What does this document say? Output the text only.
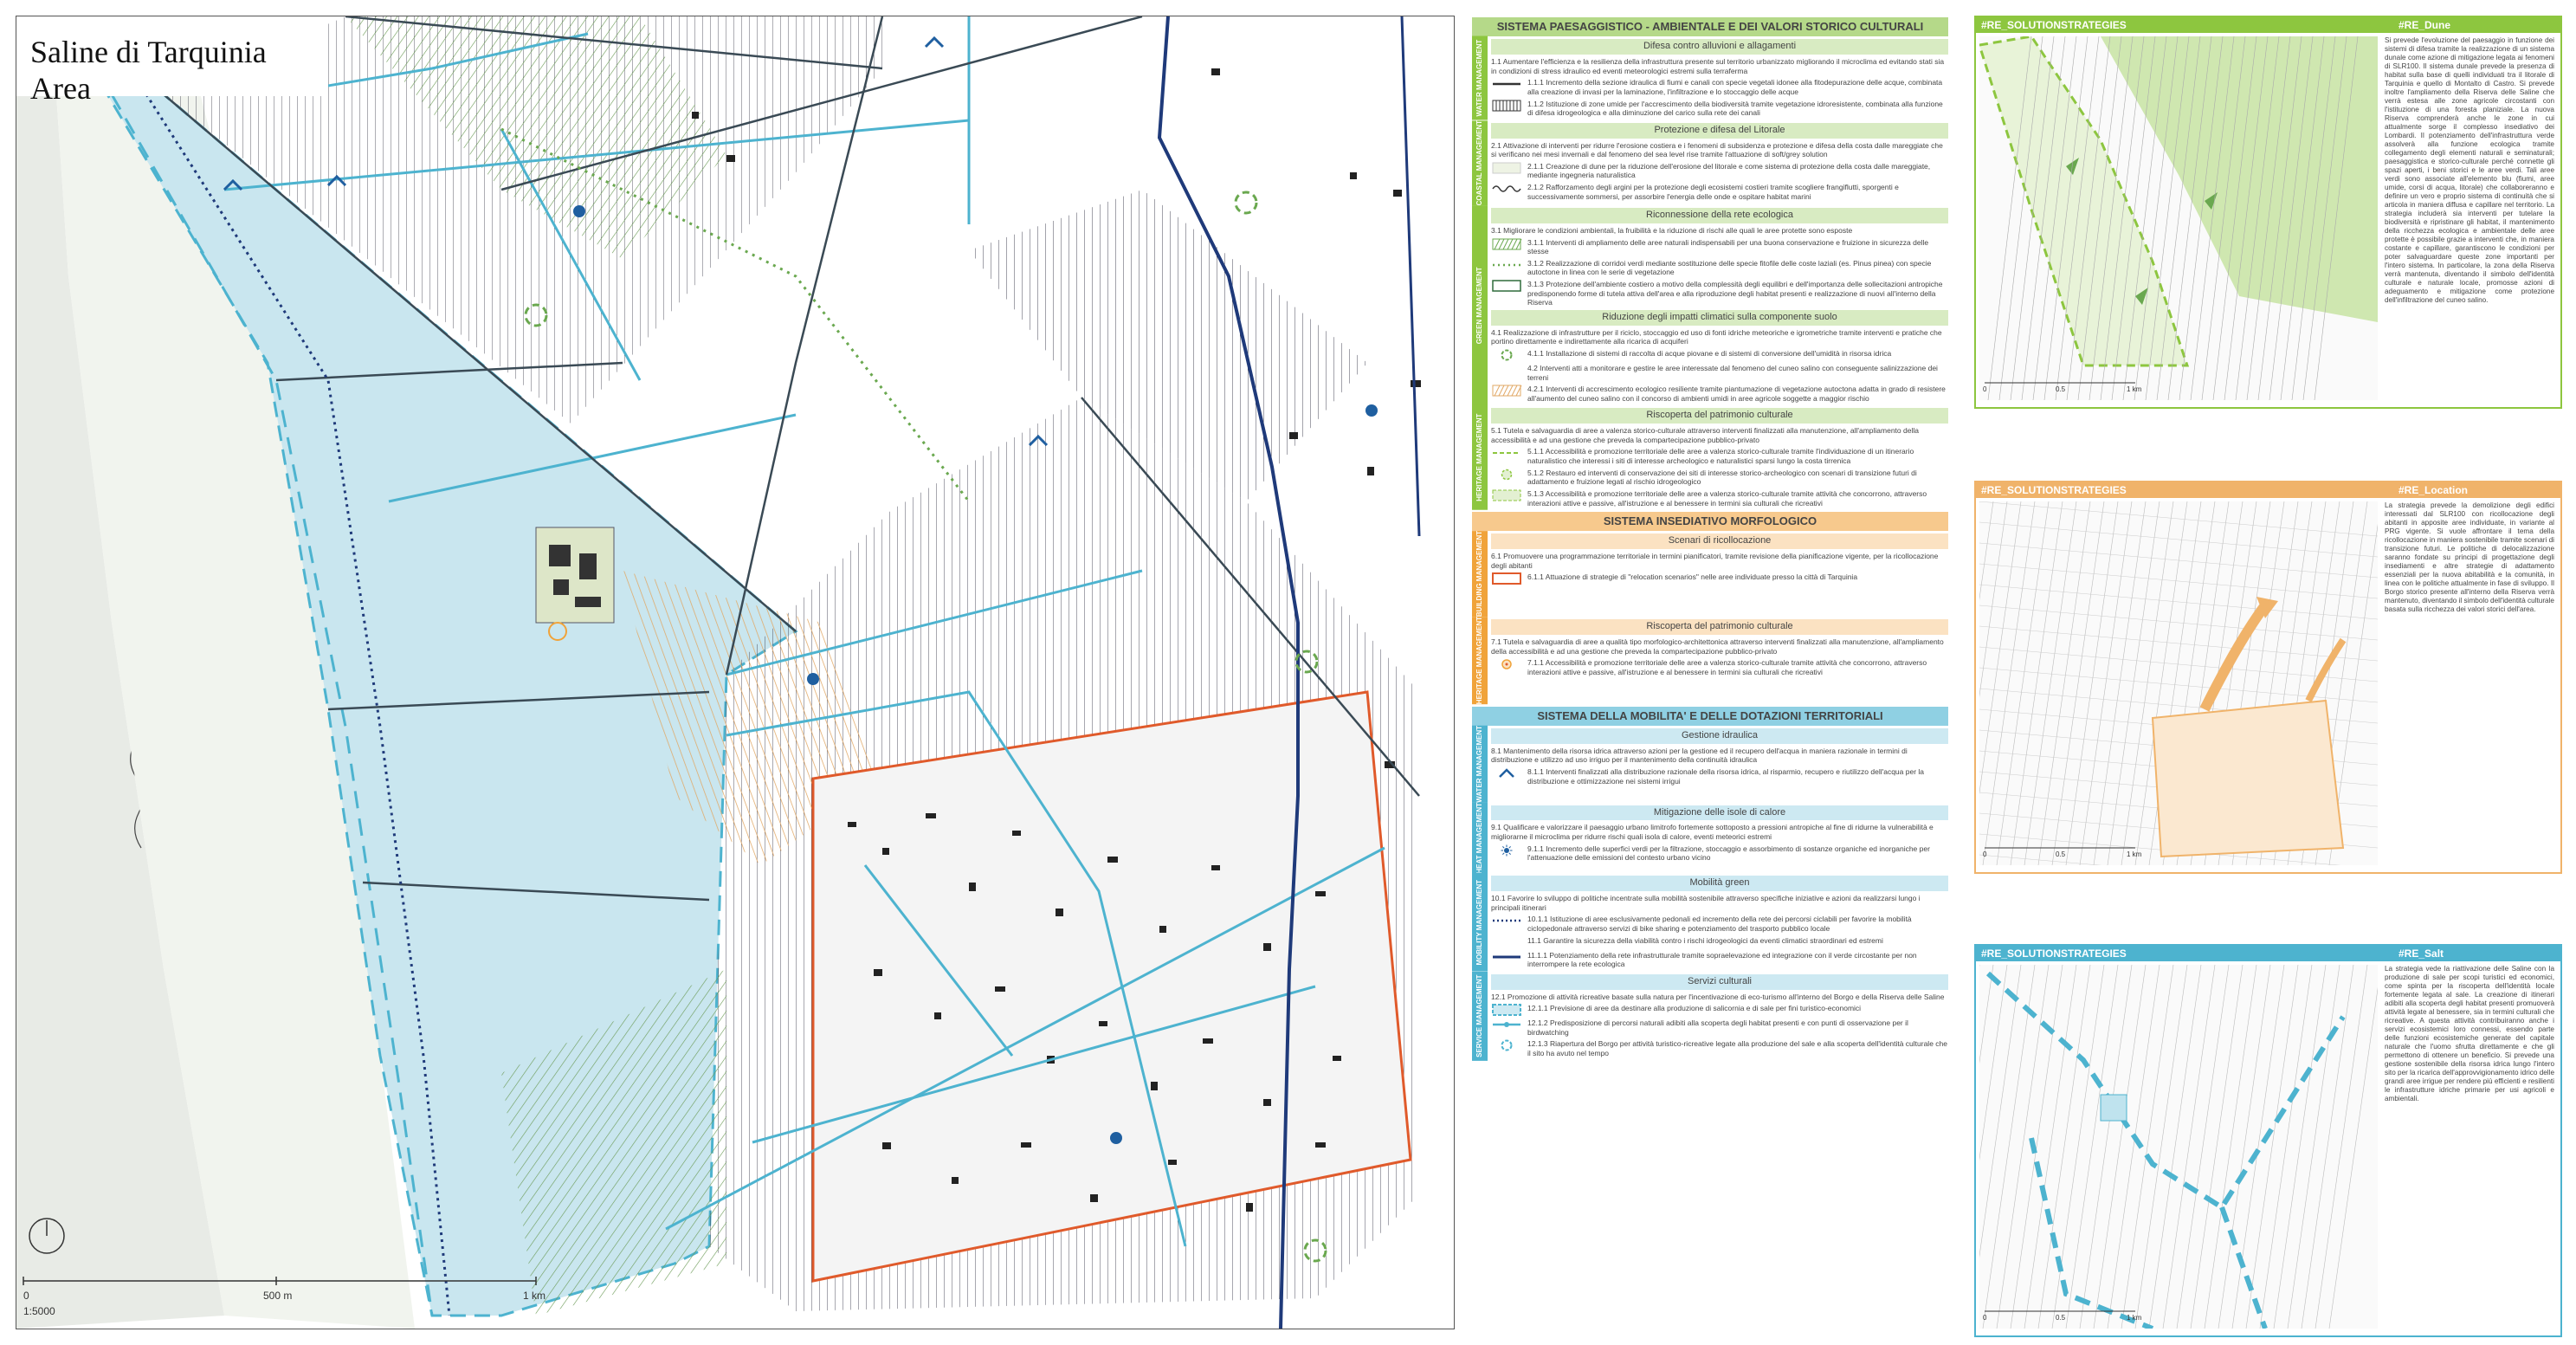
Saline di Tarquinia Area
0	500 m	1 km
1:5000
SISTEMA PAESAGGISTICO - AMBIENTALE E DEI VALORI STORICO CULTURALI
WATER MANAGEMENT	Difesa contro alluvioni e allagamenti

1.1 Aumentare l'efficienza e la resilienza della infrastruttura presente sul territorio urbanizzato migliorando il microclima ed evitando stati sia in condizioni di stress idraulico ed eventi meteorologici estremi sulla terraferma

1.1.1 Incremento della sezione idraulica di fiumi e canali con specie vegetali idonee alla fitodepurazione delle acque, combinata alla creazione di invasi per la laminazione, l'infiltrazione e lo stoccaggio delle acque

1.1.2 Istituzione di zone umide per l'accrescimento della biodiversità tramite vegetazione idroresistente, combinata alla funzione di difesa idrogeologica e alla diminuzione del carico sulla rete dei canali

COASTAL MANAGEMENT	Protezione e difesa del Litorale

2.1 Attivazione di interventi per ridurre l'erosione costiera e i fenomeni di subsidenza e protezione e difesa della costa dalle mareggiate che si verificano nei mesi invernali e dal fenomeno del sea level rise tramite l'attuazione di soft/grey solution

2.1.1 Creazione di dune per la riduzione dell'erosione del litorale e come sistema di protezione della costa dalle mareggiate, mediante ingegneria naturalistica

2.1.2 Rafforzamento degli argini per la protezione degli ecosistemi costieri tramite scogliere frangiflutti, sporgenti e successivamente sommersi, per assorbire l'energia delle onde e ospitare habitat marini

GREEN MANAGEMENT
Riconnessione della rete ecologica

3.1 Migliorare le condizioni ambientali, la fruibilità e la riduzione di rischi alle quali le aree protette sono esposte

3.1.1 Interventi di ampliamento delle aree naturali indispensabili per una buona conservazione e fruizione in sicurezza delle stesse

3.1.2 Realizzazione di corridoi verdi mediante sostituzione delle specie fitofile delle coste laziali (es. Pinus pinea) con specie autoctone in linea con le serie di vegetazione

3.1.3 Protezione dell'ambiente costiero a motivo della complessità degli equilibri e dell'importanza delle sollecitazioni antropiche predisponendo forme di tutela attiva dell'area e alla riproduzione degli habitat presenti e realizzazione di nuovi all'interno della Riserva

Riduzione degli impatti climatici sulla componente suolo

4.1 Realizzazione di infrastrutture per il riciclo, stoccaggio ed uso di fonti idriche meteoriche e igrometriche tramite interventi e pratiche che portino direttamente e indirettamente alla ricarica di acquiferi

4.1.1 Installazione di sistemi di raccolta di acque piovane e di sistemi di conversione dell'umidità in risorsa idrica

4.2 Interventi atti a monitorare e gestire le aree interessate dal fenomeno del cuneo salino con conseguente salinizzazione dei terreni

4.2.1 Interventi di accrescimento ecologico resiliente tramite piantumazione di vegetazione autoctona adatta in grado di resistere all'aumento del cuneo salino con il concorso di ambienti umidi in aree agricole soggette a maggior rischio

HERITAGE MANAGEMENT	Riscoperta del patrimonio culturale

5.1 Tutela e salvaguardia di aree a valenza storico-culturale attraverso interventi finalizzati alla manutenzione, all'ampliamento della accessibilità e ad una gestione che preveda la compartecipazione pubblico-privato

5.1.1 Accessibilità e promozione territoriale delle aree a valenza storico-culturale tramite l'individuazione di un itinerario naturalistico che interessi i siti di interesse archeologico e naturalistici sparsi lungo la costa tirrenica

5.1.2 Restauro ed interventi di conservazione dei siti di interesse storico-archeologico con scenari di transizione futuri di adattamento e fruizione legati al rischio idrogeologico

5.1.3 Accessibilità e promozione territoriale delle aree a valenza storico-culturale tramite attività che concorrono, attraverso interazioni attive e passive, all'istruzione e al benessere in termini sia culturali che ricreativi

SISTEMA INSEDIATIVO MORFOLOGICO
BUILDING MANAGEMENT	Scenari di ricollocazione

6.1 Promuovere una programmazione territoriale in termini pianificatori, tramite revisione della pianificazione vigente, per la ricollocazione degli abitanti

6.1.1 Attuazione di strategie di "relocation scenarios" nelle aree individuate presso la città di Tarquinia

HERITAGE MANAGEMENT	Riscoperta del patrimonio culturale

7.1 Tutela e salvaguardia di aree a qualità tipo morfologico-architettonica attraverso interventi finalizzati alla manutenzione, all'ampliamento della accessibilità e ad una gestione che preveda la compartecipazione pubblico-privato

7.1.1 Accessibilità e promozione territoriale delle aree a valenza storico-culturale tramite attività che concorrono, attraverso interazioni attive e passive, all'istruzione e al benessere in termini sia culturali che ricreativi

SISTEMA DELLA MOBILITA' E DELLE DOTAZIONI TERRITORIALI
WATER MANAGEMENT	Gestione idraulica

8.1 Mantenimento della risorsa idrica attraverso azioni per la gestione ed il recupero dell'acqua in maniera razionale in termini di distribuzione e utilizzo ad uso irriguo per il mantenimento della continuità idraulica

8.1.1 Interventi finalizzati alla distribuzione razionale della risorsa idrica, al risparmio, recupero e riutilizzo dell'acqua per la distribuzione e ottimizzazione nei sistemi irrigui

HEAT MANAGEMENT	Mitigazione delle isole di calore

9.1 Qualificare e valorizzare il paesaggio urbano limitrofo fortemente sottoposto a pressioni antropiche al fine di ridurne la vulnerabilità e migliorarne il microclima per ridurre rischi quali isola di calore, eventi meteorici estremi

9.1.1 Incremento delle superfici verdi per la filtrazione, stoccaggio e assorbimento di sostanze organiche ed inorganiche per l'attenuazione delle emissioni del contesto urbano vicino

MOBILITY MANAGEMENT	Mobilità green

10.1 Favorire lo sviluppo di politiche incentrate sulla mobilità sostenibile attraverso specifiche iniziative e azioni da realizzarsi lungo i principali itinerari

10.1.1 Istituzione di aree esclusivamente pedonali ed incremento della rete dei percorsi ciclabili per favorire la mobilità ciclopedonale attraverso servizi di bike sharing e potenziamento del trasporto pubblico locale

11.1 Garantire la sicurezza della viabilità contro i rischi idrogeologici da eventi climatici straordinari ed estremi

11.1.1 Potenziamento della rete infrastrutturale tramite sopraelevazione ed integrazione con il verde circostante per non interrompere la rete ecologica

SERVICE MANAGEMENT	Servizi culturali

12.1 Promozione di attività ricreative basate sulla natura per l'incentivazione di eco-turismo all'interno del Borgo e della Riserva delle Saline

12.1.1 Previsione di aree da destinare alla produzione di salicornia e di sale per fini turistico-economici

12.1.2 Predisposizione di percorsi naturali adibiti alla scoperta degli habitat presenti e con punti di osservazione per il birdwatching

12.1.3 Riapertura del Borgo per attività turistico-ricreative legate alla produzione del sale e alla scoperta dell'identità culturale che il sito ha avuto nel tempo

#RE_SOLUTIONSTRATEGIES	#RE_Dune
0	0.5	1 km
Si prevede l'evoluzione del paesaggio in funzione dei sistemi di difesa tramite la realizzazione di un sistema dunale come azione di mitigazione legata ai fenomeni di SLR100. Il sistema dunale prevede la presenza di habitat sulla base di quelli individuati tra il litorale di Tarquinia e quello di Montalto di Castro. Si prevede inoltre l'ampliamento della Riserva delle Saline che verrà estesa alle zone agricole circostanti con l'istituzione di una foresta planiziale. La nuova Riserva comprenderà anche le zone in cui attualmente sorge il complesso insediativo dei Lombardi. Il potenziamento dell'infrastruttura verde assolverà alla funzione ecologica tramite collegamento degli elementi naturali e seminaturali; paesaggistica e storico-culturale perché connette gli spazi aperti, i beni storici e le aree verdi. Tali aree verdi sono associate all'elemento blu (fiumi, aree umide, corsi di acqua, litorale) che collaboreranno e definire un vero e proprio sistema di continuità che si articola in maniera diffusa e capillare nel territorio. La strategia includerà sia interventi per tutelare la biodiversità e ripristinare gli habitat, il mantenimento della ricchezza ecologica e ambientale delle aree protette è possibile grazie a interventi che, in maniera costante e capillare, garantiscono le condizioni per poter salvaguardare queste zone importanti per l'intero sistema. In particolare, la zona della Riserva verrà mantenuta, diventando il simbolo dell'identità culturale e naturale locale, promosse azioni di adeguamento e mitigazione come protezione dell'infiltrazione del cuneo salino.
#RE_SOLUTIONSTRATEGIES	#RE_Location
0	0.5	1 km
La strategia prevede la demolizione degli edifici interessati dal SLR100 con ricollocazione degli abitanti in apposite aree individuate, in variante al PRG vigente. Si vuole affrontare il tema della ricollocazione in maniera sostenibile tramite scenari di transizione futuri. Le politiche di delocalizzazione saranno fondate su principi di progettazione degli insediamenti e altre strategie di adattamento essenziali per la nuova abitabilità e la comunità, in linea con le politiche attualmente in fase di sviluppo. Il Borgo storico presente all'interno della Riserva verrà mantenuto, diventando il simbolo dell'identità culturale basata sulla ricchezza dei valori storici dell'area.
#RE_SOLUTIONSTRATEGIES	#RE_Salt
0	0.5	1 km
La strategia vede la riattivazione delle Saline con la produzione di sale per scopi turistici ed economici, come spinta per la riscoperta dell'identità locale fortemente legata al sale. La creazione di itinerari adibiti alla scoperta degli habitat presenti promuoverà attività legate al benessere, sia in termini culturali che ricreative. A questa attività contribuiranno anche i servizi ecosistemici loro connessi, essendo parte delle funzioni ecosistemiche generate del capitale naturale che l'uomo sfrutta direttamente e che gli permettono di ottenere un beneficio. Si prevede una gestione sostenibile della risorsa idrica lungo l'intero sito per la ricarica dell'approvvigionamento idrico delle grandi aree irrigue per rendere più efficienti e resilienti le infrastrutture idriche primarie per usi agricoli e ambientali.
